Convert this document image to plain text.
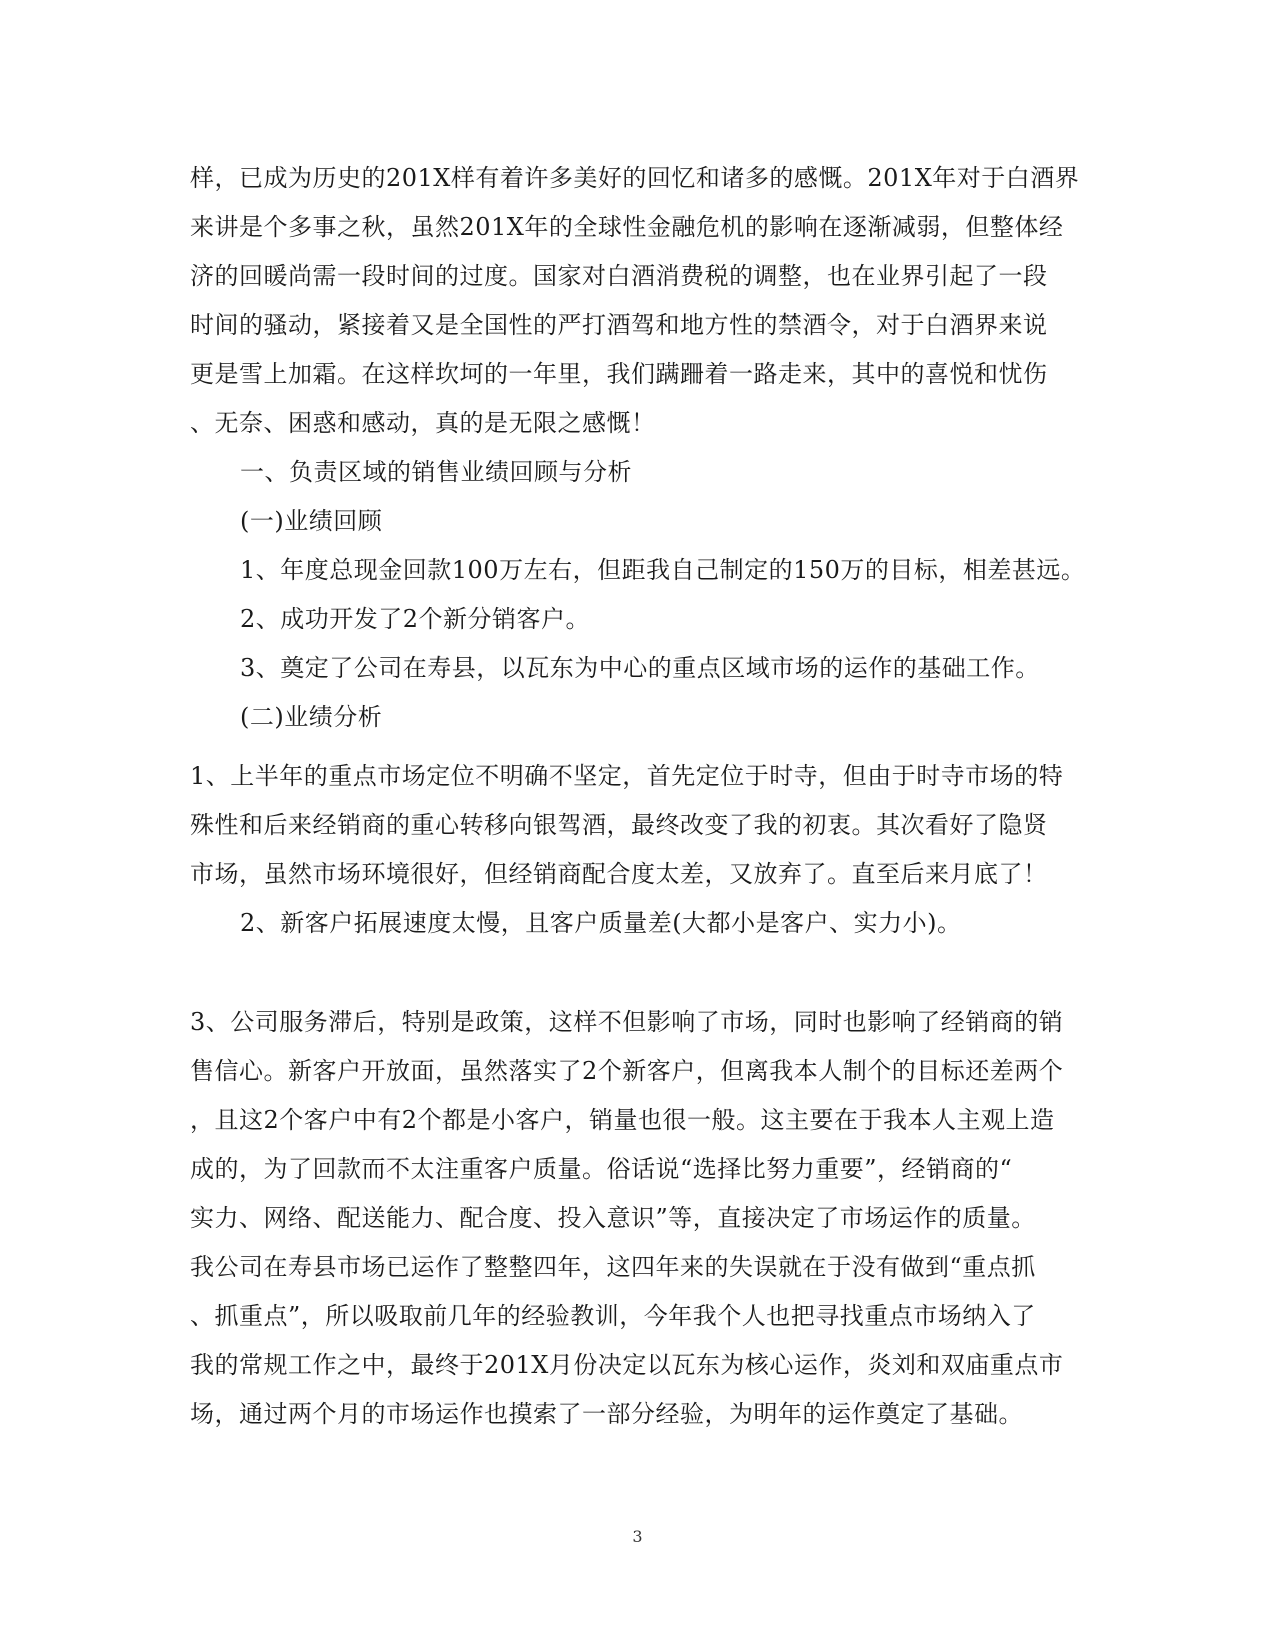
样，已成为历史的201X样有着许多美好的回忆和诸多的感慨。201X年对于白酒界
来讲是个多事之秋，虽然201X年的全球性金融危机的影响在逐渐减弱，但整体经
济的回暖尚需一段时间的过度。国家对白酒消费税的调整，也在业界引起了一段
时间的骚动，紧接着又是全国性的严打酒驾和地方性的禁酒令，对于白酒界来说
更是雪上加霜。在这样坎坷的一年里，我们蹒跚着一路走来，其中的喜悦和忧伤
、无奈、困惑和感动，真的是无限之感慨！
一、负责区域的销售业绩回顾与分析
(一)业绩回顾
1、年度总现金回款100万左右，但距我自己制定的150万的目标，相差甚远。
2、成功开发了2个新分销客户。
3、奠定了公司在寿县，以瓦东为中心的重点区域市场的运作的基础工作。
(二)业绩分析
1、上半年的重点市场定位不明确不坚定，首先定位于时寺，但由于时寺市场的特
殊性和后来经销商的重心转移向银驾酒，最终改变了我的初衷。其次看好了隐贤
市场，虽然市场环境很好，但经销商配合度太差，又放弃了。直至后来月底了！
2、新客户拓展速度太慢，且客户质量差(大都小是客户、实力小)。
3、公司服务滞后，特别是政策，这样不但影响了市场，同时也影响了经销商的销
售信心。新客户开放面，虽然落实了2个新客户，但离我本人制个的目标还差两个
，且这2个客户中有2个都是小客户，销量也很一般。这主要在于我本人主观上造
成的，为了回款而不太注重客户质量。俗话说“选择比努力重要”，经销商的“
实力、网络、配送能力、配合度、投入意识”等，直接决定了市场运作的质量。
我公司在寿县市场已运作了整整四年，这四年来的失误就在于没有做到“重点抓
、抓重点”，所以吸取前几年的经验教训，今年我个人也把寻找重点市场纳入了
我的常规工作之中，最终于201X月份决定以瓦东为核心运作，炎刘和双庙重点市
场，通过两个月的市场运作也摸索了一部分经验，为明年的运作奠定了基础。
3
